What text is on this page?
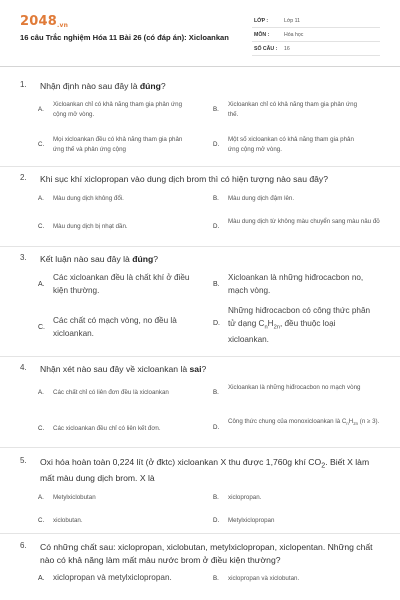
2048.vn
16 câu Trắc nghiệm Hóa 11 Bài 26 (có đáp án): Xicloankan
LỚP :	Lớp 11
MÔN :	Hóa học
SỐ CÂU : 16
1. Nhận định nào sau đây là đúng?
A.
Xicloankan chỉ có khả năng tham gia phản ứng cộng mở vòng.
B.
Xicloankan chỉ có khả năng tham gia phản ứng thế.
C.
Mọi xicloankan đều có khả năng tham gia phản ứng thế và phản ứng cộng
D.
Một số xicloankan có khả năng tham gia phản ứng cộng mở vòng.
2. Khi sục khí xiclopropan vào dung dịch brom thì có hiện tượng nào sau đây?
A. Màu dung dịch không đổi.	B. Màu dung dịch đậm lên.
C. Màu dung dịch bị nhạt dần.	D.
Màu dung dịch từ không màu chuyển sang màu nâu đỏ
3. Kết luận nào sau đây là đúng?
A.
Các xicloankan đều là chất khí ở điều kiện thường.
B.
Xicloankan là những hiđrocacbon no, mạch vòng.
C.
Các chất có mạch vòng, no đều là xicloankan.
D.
Những hiđrocacbon có công thức phân tử dạng $C_nH_{2n}$, đều thuộc loại xicloankan.
4. Nhận xét nào sau đây về xicloankan là sai?
A. Các chất chỉ có liên đơn đều là xicloankan	B.
Xicloankan là những hiđrocacbon no mạch vòng
C. Các xicloankan đều chỉ có liên kết đơn.	D.
Công thức chung của monoxicloankan là $C_nH_{2n}$ (n ≥ 3).
5. Oxi hóa hoàn toàn 0,224 lít (ở đktc) xicloankan X thu được 1,760g khí $CO_2$. Biết X làm mất màu dung dịch brom. X là
A. Metylxiclobutan	B. xiclopropan.
C. xiclobutan.	D. Metylxiclopropan
6. Có những chất sau: xiclopropan, xiclobutan, metylxiclopropan, xiclopentan. Những chất nào có khả năng làm mất màu nước brom ở điều kiện thường?
A. xiclopropan và metylxiclopropan.	B. xiclopropan và xiclobutan.
